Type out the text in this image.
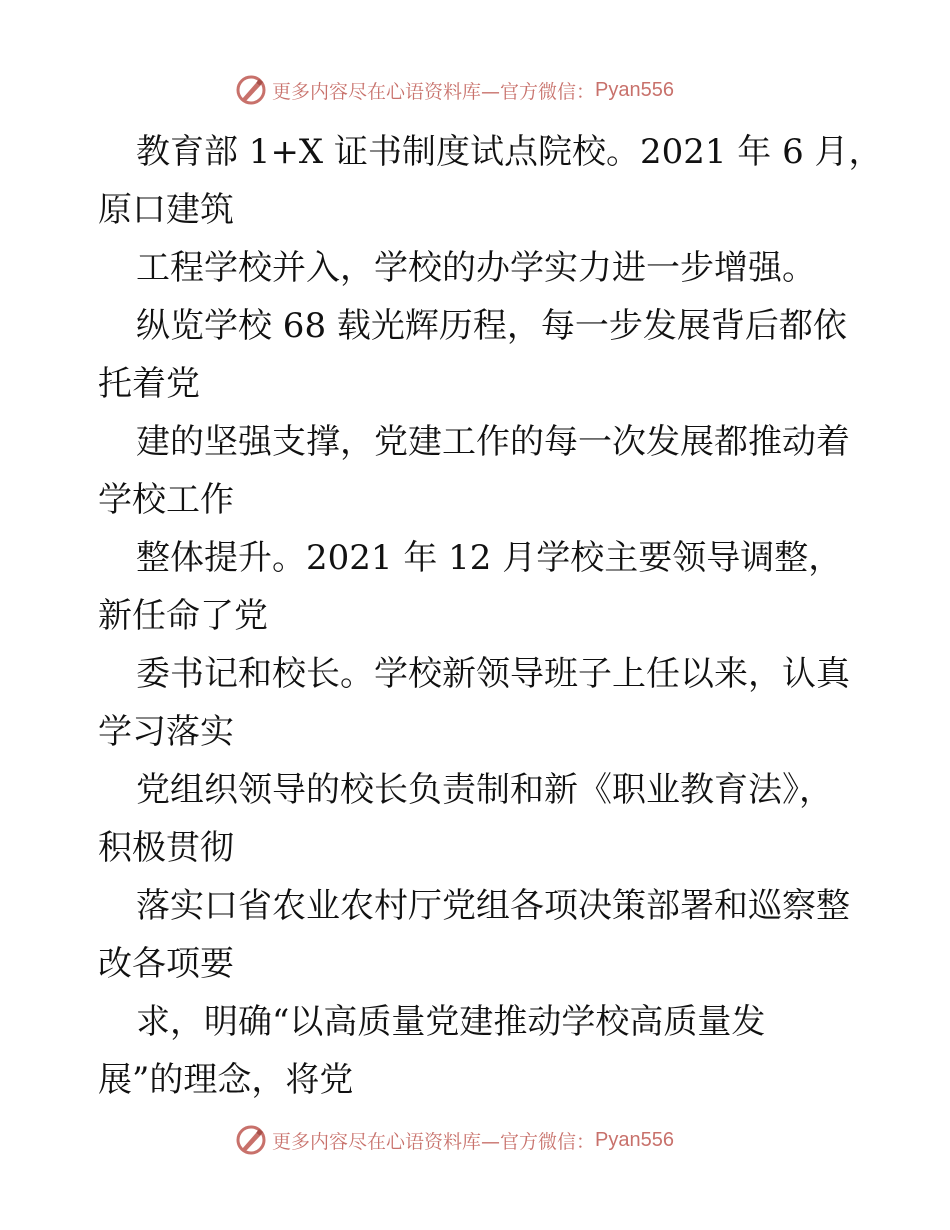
更多内容尽在心语资料库—官方微信： Pyan556
教育部 1+X 证书制度试点院校。2021 年 6 月，
原口建筑
工程学校并入，学校的办学实力进一步增强。
纵览学校 68 载光辉历程，每一步发展背后都依
托着党
建的坚强支撑，党建工作的每一次发展都推动着
学校工作
整体提升。2021 年 12 月学校主要领导调整，
新任命了党
委书记和校长。学校新领导班子上任以来，认真
学习落实
党组织领导的校长负责制和新《职业教育法》，
积极贯彻
落实口省农业农村厅党组各项决策部署和巡察整
改各项要
求，明确“以高质量党建推动学校高质量发
展”的理念，将党
更多内容尽在心语资料库—官方微信： Pyan556
